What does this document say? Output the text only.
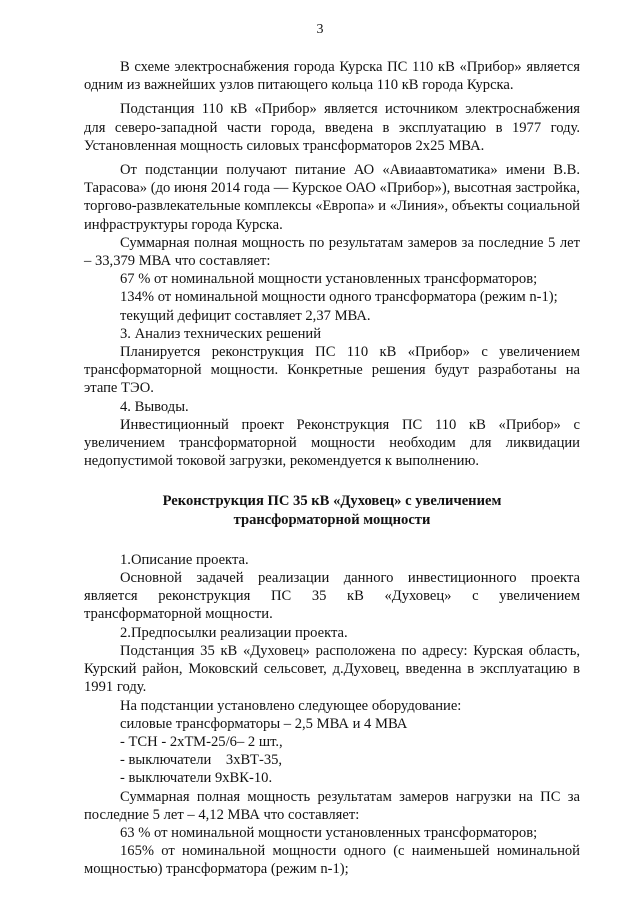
3

В схеме электроснабжения города Курска ПС 110 кВ «Прибор» является одним из важнейших узлов питающего кольца 110 кВ города Курска.

Подстанция 110 кВ «Прибор» является источником электроснабжения для северо-западной части города, введена в эксплуатацию в 1977 году. Установленная мощность силовых трансформаторов 2х25 МВА.

От подстанции получают питание АО «Авиаавтоматика» имени В.В. Тарасова» (до июня 2014 года — Курское ОАО «Прибор»), высотная застройка, торгово-развлекательные комплексы «Европа» и «Линия», объекты социальной инфраструктуры города Курска.

Суммарная полная мощность по результатам замеров за последние 5 лет – 33,379 МВА что составляет:

67 % от номинальной мощности установленных трансформаторов;

134% от номинальной мощности одного трансформатора (режим n-1);

текущий дефицит составляет 2,37 МВА.

3. Анализ технических решений

Планируется реконструкция ПС 110 кВ «Прибор» с увеличением трансформаторной мощности. Конкретные решения будут разработаны на этапе ТЭО.

4. Выводы.

Инвестиционный проект Реконструкция ПС 110 кВ «Прибор» с увеличением трансформаторной мощности необходим для ликвидации недопустимой токовой загрузки, рекомендуется к выполнению.

Реконструкция ПС 35 кВ «Духовец» с увеличением
трансформаторной мощности

1.Описание проекта.

Основной задачей реализации данного инвестиционного проекта является реконструкция ПС 35 кВ «Духовец» с увеличением трансформаторной мощности.

2.Предпосылки реализации проекта.

Подстанция 35 кВ «Духовец» расположена по адресу: Курская область, Курский район, Моковский сельсовет, д.Духовец, введенна в эксплуатацию в 1991 году.

На подстанции установлено следующее оборудование:

силовые трансформаторы – 2,5 МВА и 4 МВА

- ТСН - 2хТМ-25/6– 2 шт.,

- выключатели    3хВТ-35,

- выключатели 9хВК-10.

Суммарная полная мощность результатам замеров нагрузки на ПС за последние 5 лет – 4,12 МВА что составляет:

63 % от номинальной мощности установленных трансформаторов;

165% от номинальной мощности одного (с наименьшей номинальной мощностью) трансформатора (режим n-1);
